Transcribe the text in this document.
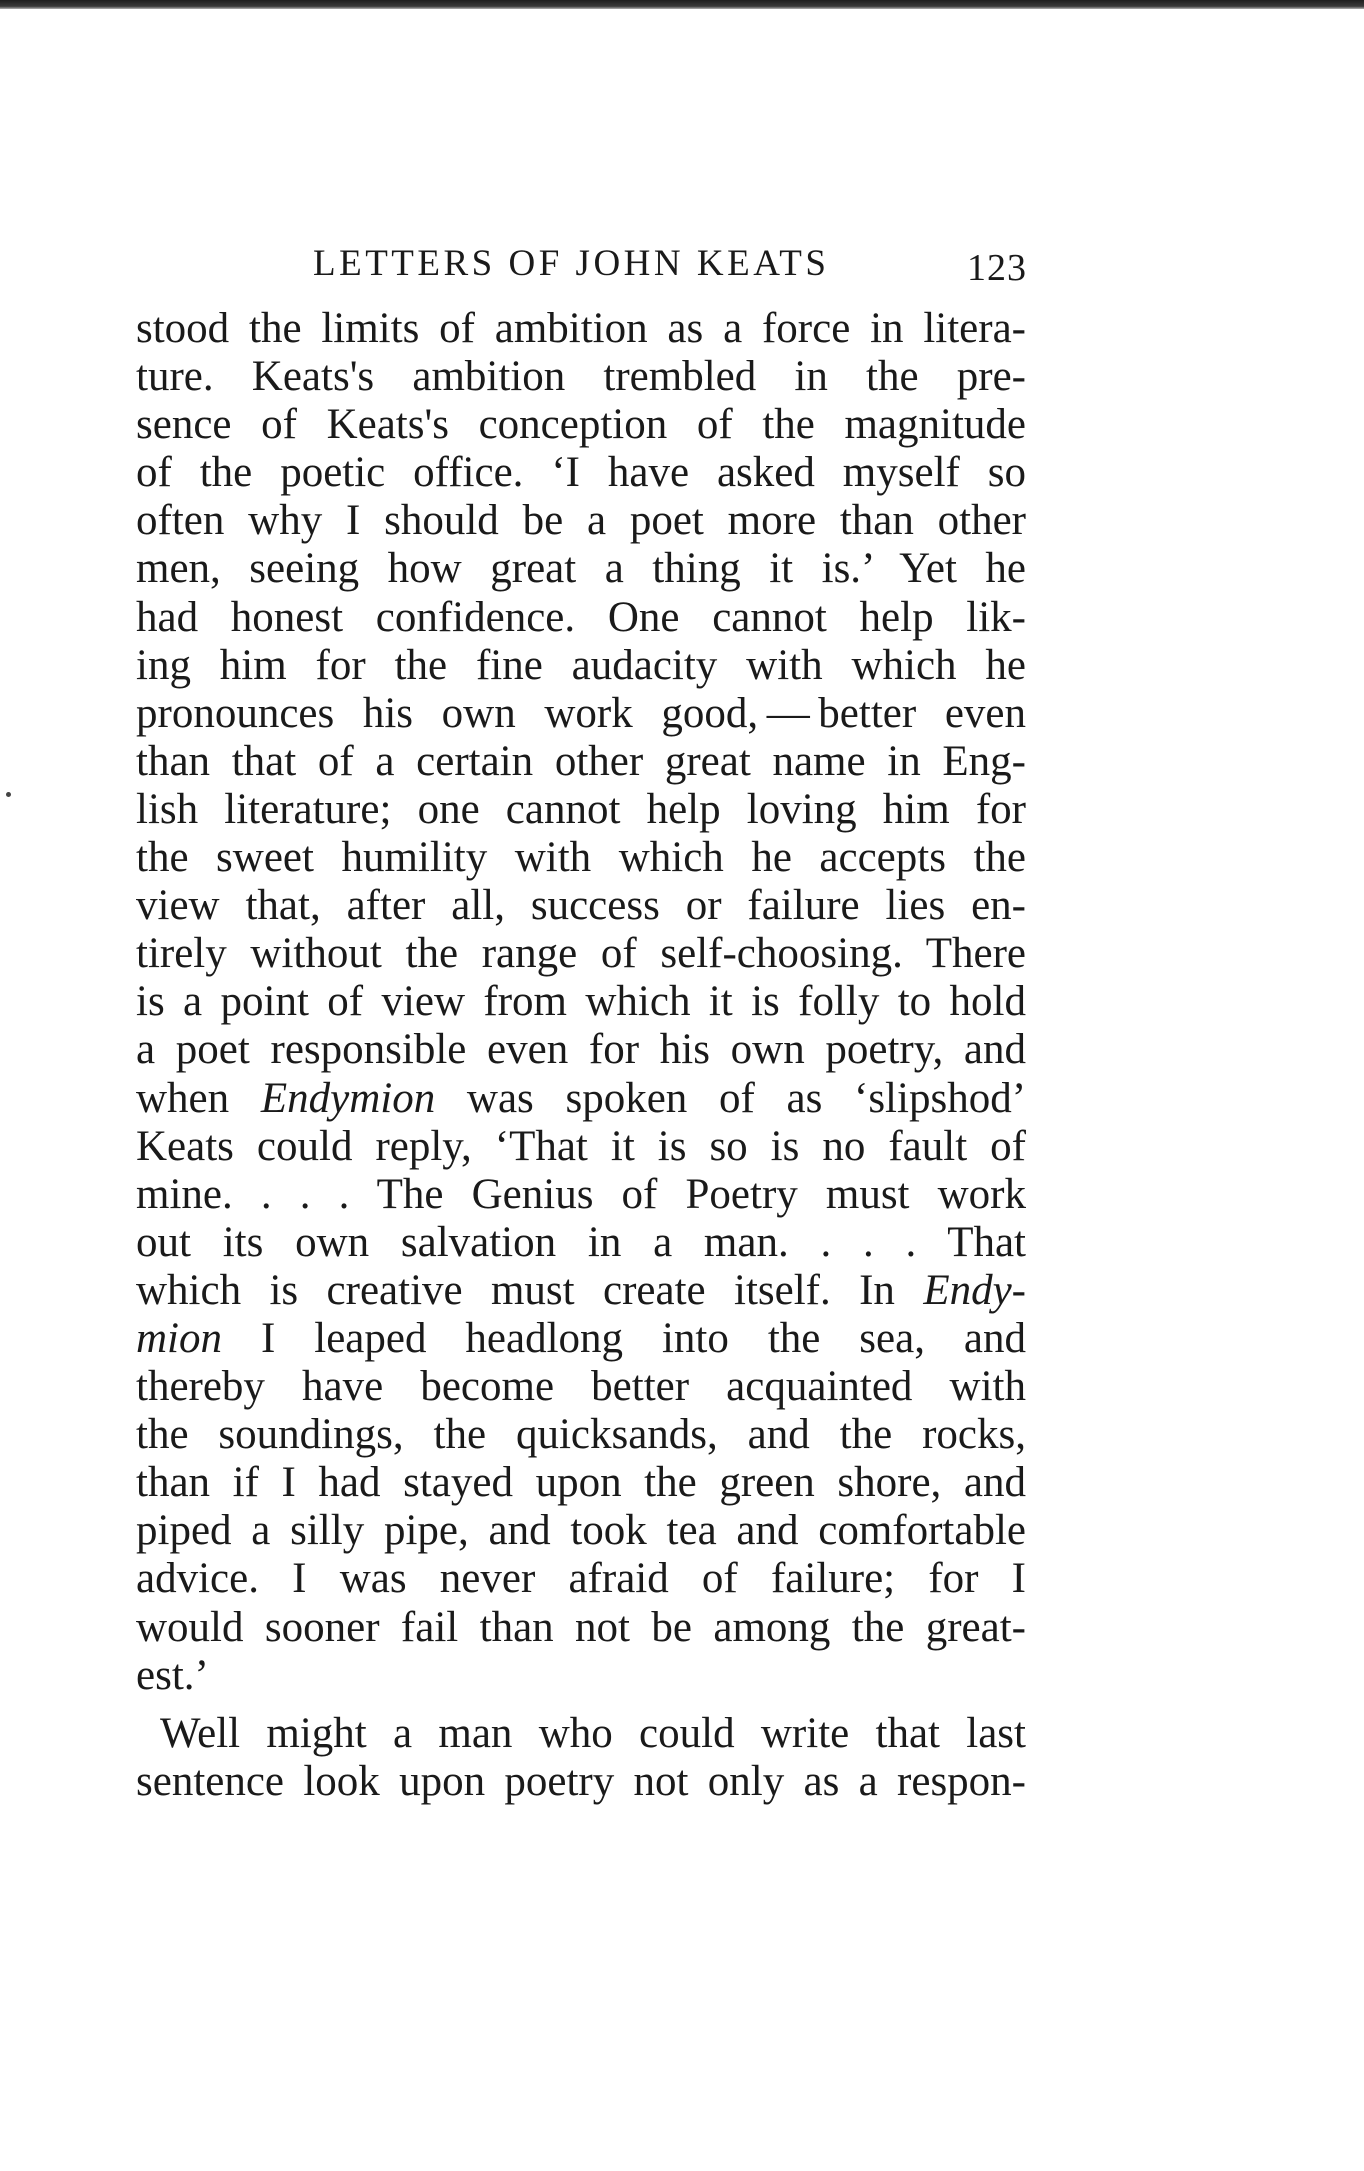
LETTERS OF JOHN KEATS	123
stood the limits of ambition as a force in litera-
ture. Keats's ambition trembled in the pre-
sence of Keats's conception of the magnitude
of the poetic office. ‘I have asked myself so
often why I should be a poet more than other
men, seeing how great a thing it is.’ Yet he
had honest confidence. One cannot help lik-
ing him for the fine audacity with which he
pronounces his own work good, — better even
than that of a certain other great name in Eng-
lish literature; one cannot help loving him for
the sweet humility with which he accepts the
view that, after all, success or failure lies en-
tirely without the range of self-choosing. There
is a point of view from which it is folly to hold
a poet responsible even for his own poetry, and
when Endymion was spoken of as ‘slipshod’
Keats could reply, ‘That it is so is no fault of
mine. . . . The Genius of Poetry must work
out its own salvation in a man. . . . That
which is creative must create itself. In Endy-
mion I leaped headlong into the sea, and
thereby have become better acquainted with
the soundings, the quicksands, and the rocks,
than if I had stayed upon the green shore, and
piped a silly pipe, and took tea and comfortable
advice. I was never afraid of failure; for I
would sooner fail than not be among the great-
est.’
Well might a man who could write that last
sentence look upon poetry not only as a respon-
